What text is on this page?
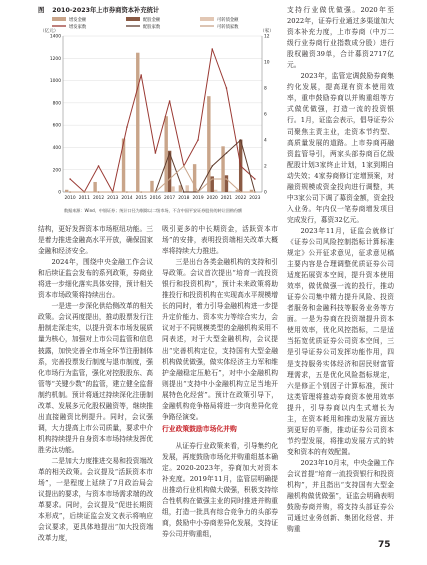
图 2010-2023年上市券商资本补充统计
增发金额	配股金额	可转债金额
增发家数	配股家数	可转债家数
（亿元）	（家）
0
200
400
600
800
1000
1200
1400
0
2
4
6
8
10
12
2010 2011 2012 2013 2014 2015 2016 2017 2018 2019 2020 2021 2022 2023
数据来源：Wind、中银证券；统计口径为剔除以二级市场，不含中国平安证券股份的转让回购份额

结构，更好发挥资本市场枢纽功能。三是着力推进金融高水平开放，确保国家金融和经济安全。

2024年，围绕中央金融工作会议和后续证监会发布的系列政策，券商业将进一步细化落实具体安排，预计相关资本市场政策将持续出台。

一是进一步深化供给侧改革的相关政策。会议再度提出，推动股票发行注册制走深走实，以提升资本市场发展质量为核心，加强对上市公司监管和信息披露，加快完善全市场全环节注册制体系，完善投票发行制度与退市制度，强化市场行为监管，强化对控股股东、高管等“关键少数”的监管，建立健全监督制约机制。预计将通过持续深化注册制改革、发展多元化股权融资等，继续推出直接融资比例提升。同时，会议强调，大力提高上市公司质量，要求中介机构持续提升自身资本市场持续发挥优胜劣汰功能。

二是加大力度推进交易和投资端改革的相关政策。会议提及“活跃资本市场”，一是程度上延续了7月政治局会议提出的要求，与资本市场需求端的改革要求。同时，会议提及“促进长期资本形成”，后续证监会发文表示将响应会议要求，更具体地提出“加大投资端改革力度，

吸引更多的中长期资金，活跃资本市场”的安排，表明投资端相关改革大概率将持续大力推进。

三是出台各类金融机构的支持和引导政策。会议首次提出“培育一流投资银行和投资机构”，预计未来政策将助推投行和投资机构在实现高水平规模增长的同时，着力引导金融机构进一步提升定价能力、资本实力等综合实力，会议对于不同规模类型的金融机构采用不同表述，对于大型金融机构，会议提出“完善机构定位，支持国有大型金融机构做优做强，做实体经济主力军和维护金融稳定压舱石”，对中小金融机构则提出“支持中小金融机构立足当地开展特色化经营”。预计在政策引导下，金融机构竞争格局将进一步向差异化竞争路径演变。

行业政策鼓励市场化并购

从证券行业政策来看，引导集约化发展，再度鼓励市场化并购重组基本确定。2020-2023年，券商加大对资本补充度。2019年11月，监管层明确提出推动行业机构做大做强，积极支持综合性机构在做强主业的同时推进并购重组，打造一批具有综合竞争力的头部券商，鼓励中小券商差异化发展，支持证券公司并购重组，

支持行业做优做强。2020年至2022年，证券行业通过多渠道加大资本补充力度，上市券商（中万二级行业券商行业指数成分股）进行股权融资39单，合计募资2717亿元。

2023年，监管定调鼓励券商集约化发展，提高现有资本使用效率，重申鼓励券商以并购重组等方式做优做强，打造一流的投资银行。1月，证监会表示，倡导证券公司聚焦主责主业，走资本节约型、高质量发展的道路。上市券商再融资监管导引，两家头部券商百亿级配股计划3家终止计划，1家到期自动失效；4家券商修订定增预案，对融资规模或资金投向进行调整，其中3家公司下调了募资金额，资金投入业务。年内仅一笔券商增发项目完成发行，募资32亿元。

2023年11月，证监会就修订《证券公司风险控制指标计算标准规定》公开征求意见，征求意见稿主要内容是合理调整优质证券公司适度拓展资本空间，提升资本使用效率，做优做强一流的投行，推动证券公司集中精力提升风险、投资者服务和金融科技等服务业务等方面。一是为券商在投资端提升资本使用效率，优化风控指标，二是适当拓宽优质证券公司资本空间，三是引导证券公司发挥功能作用，四是支持服务实体经济和居民财富管理需求，五是优化风险指标规定，六是修正个别因子计算标准，预计这类管理将推动券商资本使用效率提升，引导券商以内生式增长为主，在资本耗用和推动发展方面达到更好的平衡，推动证券公司资本节约型发展，将推动发展方式的转变和资本的有效配置。

2023年10月末，中央金融工作会议首提“培育一流投资银行和投资机构”，并且指出“支持国有大型金融机构做优做强”，证监会明确表明鼓励券商并购，将支持头部证券公司通过业务创新、集团化经营、并购重

75
